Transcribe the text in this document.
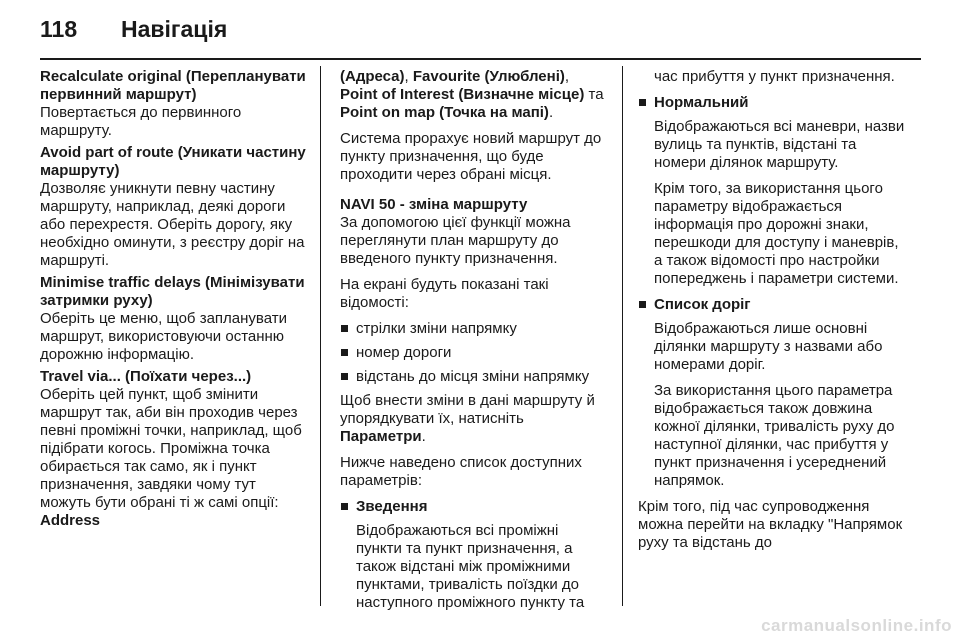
118	Навігація
Recalculate original (Перепланувати первинний маршрут)
Повертається до первинного маршруту.
Avoid part of route (Уникати частину маршруту)
Дозволяє уникнути певну частину маршруту, наприклад, деякі дороги або перехрестя. Оберіть дорогу, яку необхідно оминути, з реєстру доріг на маршруті.
Minimise traffic delays (Мінімізувати затримки руху)
Оберіть це меню, щоб запланувати маршрут, використовуючи останню дорожню інформацію.
Travel via... (Поїхати через...)
Оберіть цей пункт, щоб змінити маршрут так, аби він проходив через певні проміжні точки, наприклад, щоб підібрати когось. Проміжна точка обирається так само, як і пункт призначення, завдяки чому тут можуть бути обрані ті ж самі опції: Address

(Адреса), Favourite (Улюблені), Point of Interest (Визначне місце) та Point on map (Точка на мапі).

Система прорахує новий маршрут до пункту призначення, що буде проходити через обрані місця.

NAVI 50 - зміна маршруту

За допомогою цієї функції можна переглянути план маршруту до введеного пункту призначення.

На екрані будуть показані такі відомості:

стрілки зміни напрямку
номер дороги
відстань до місця зміни напрямку

Щоб внести зміни в дані маршруту й упорядкувати їх, натисніть Параметри.

Нижче наведено список доступних параметрів:

Зведення
Відображаються всі проміжні пункти та пункт призначення, а також відстані між проміжними пунктами, тривалість поїздки до наступного проміжного пункту та
час прибуття у пункт призначення.
Нормальний
Відображаються всі маневри, назви вулиць та пунктів, відстані та номери ділянок маршруту.
Крім того, за використання цього параметру відображається інформація про дорожні знаки, перешкоди для доступу і маневрів, а також відомості про настройки попереджень і параметри системи.
Список доріг
Відображаються лише основні ділянки маршруту з назвами або номерами доріг.
За використання цього параметра відображається також довжина кожної ділянки, тривалість руху до наступної ділянки, час прибуття у пункт призначення і усереднений напрямок.

Крім того, під час супроводження можна перейти на вкладку "Напрямок руху та відстань до

carmanualsonline.info
